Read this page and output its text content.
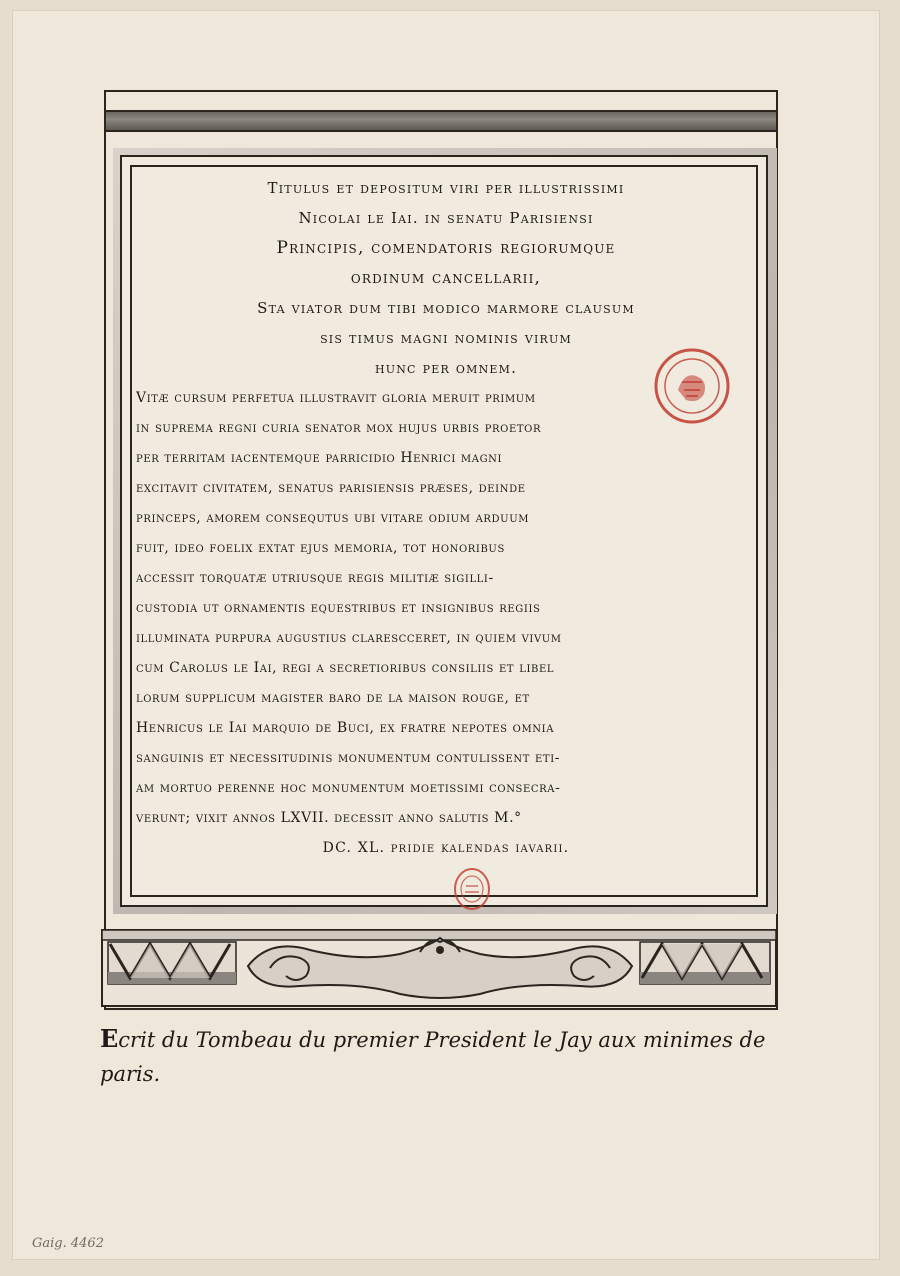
Titulus et depositum viri per illustrissimi
Nicolai le Iai. in senatu Parisiensi
Principis, comendatoris regiorumque
ordinum cancellarii,
Sta viator dum tibi modico marmore clausum
sis timus magni nominis virum
hunc per omnem.
Vitæ cursum perfetua illustravit gloria meruit primum
in suprema regni curia senator mox hujus urbis proetor
per territam iacentemque parricidio Henrici magni
excitavit civitatem, senatus parisiensis præses, deinde
princeps, amorem consequtus ubi vitare odium arduum
fuit, ideo foelix extat ejus memoria, tot honoribus
accessit torquatæ utriusque regis militiæ sigilli-
custodia ut ornamentis equestribus et insignibus regiis
illuminata purpura augustius clarescceret, in quiem vivum
cum Carolus le Iai, regi a secretioribus consiliis et libel
lorum supplicum magister baro de la maison rouge, et
Henricus le Iai marquio de Buci, ex fratre nepotes omnia
sanguinis et necessitudinis monumentum contulissent eti-
am mortuo perenne hoc monumentum moetissimi consecra-
verunt; vixit annos LXVII. decessit anno salutis M.°
DC. XL. pridie kalendas iavarii.
Ecrit du Tombeau du premier President le Jay aux minimes de
paris.
Gaig. 4462
